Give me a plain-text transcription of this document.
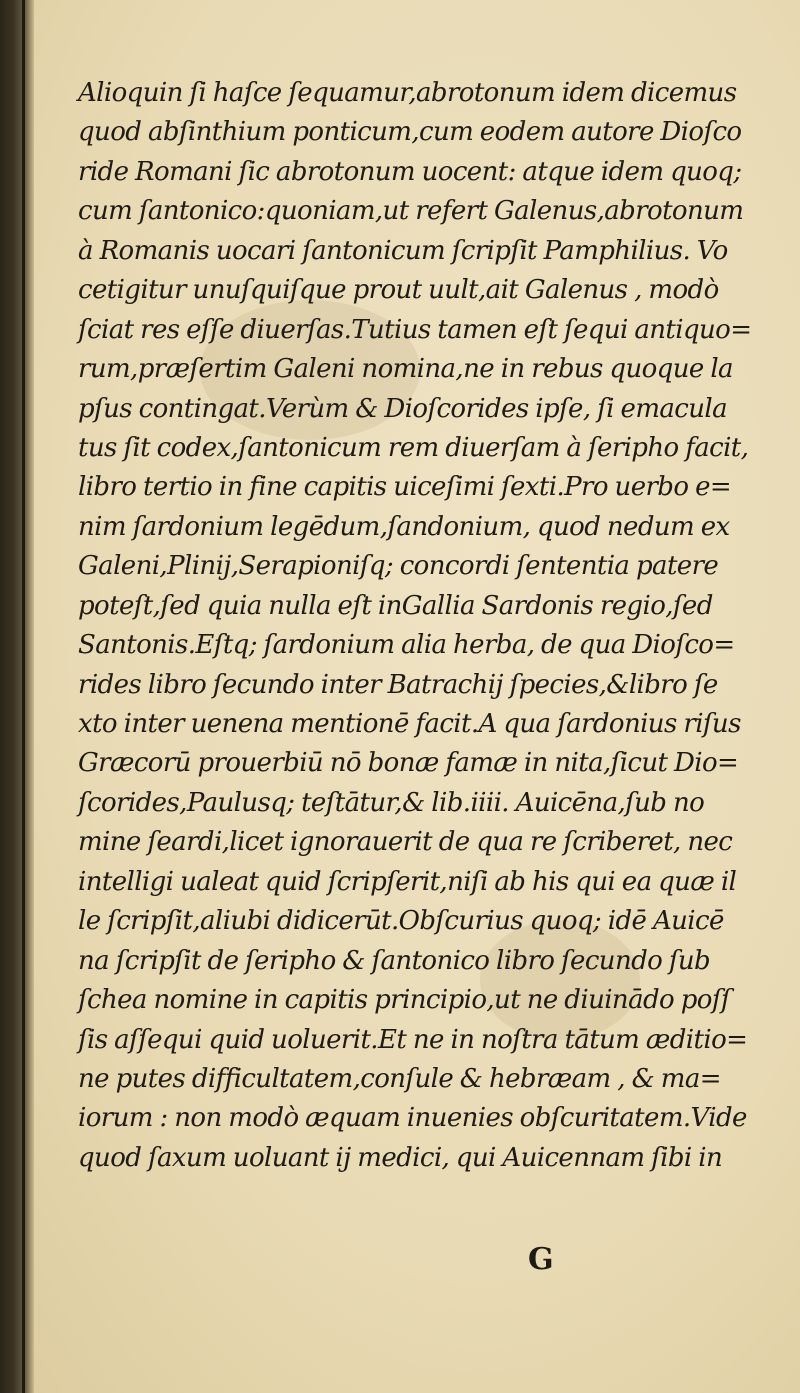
Alioquin ſi haſce ſequamur,abrotonum idem dicemus
quod abſinthium ponticum,cum eodem autore Dioſco
ride Romani ſic abrotonum uocent: atque idem quoq;
cum ſantonico:quoniam,ut refert Galenus,abrotonum
à Romanis uocari ſantonicum ſcripſit Pamphilius. Vo
cetigitur unuſquiſque prout uult,ait Galenus , modò
ſciat res eſſe diuerſas.Tutius tamen eſt ſequi antiquo=
rum,præſertim Galeni nomina,ne in rebus quoque la
pſus contingat.Verùm & Dioſcorides ipſe, ſi emacula
tus ſit codex,ſantonicum rem diuerſam à ſeripho facit,
libro tertio in fine capitis uiceſimi ſexti.Pro uerbo e=
nim ſardonium legēdum,ſandonium, quod nedum ex
Galeni,Plinij,Serapioniſq; concordi ſententia patere
poteſt,ſed quia nulla eſt inGallia Sardonis regio,ſed
Santonis.Eſtq; ſardonium alia herba, de qua Dioſco=
rides libro ſecundo inter Batrachij ſpecies,&libro ſe
xto inter uenena mentionē facit.A qua ſardonius riſus
Græcorū prouerbiū nō bonæ famæ in nita,ſicut Dio=
ſcorides,Paulusq; teſtātur,& lib.iiii. Auicēna,ſub no
mine ſeardi,licet ignorauerit de qua re ſcriberet, nec
intelligi ualeat quid ſcripſerit,niſi ab his qui ea quæ il
le ſcripſit,aliubi didicerūt.Obſcurius quoq; idē Auicē
na ſcripſit de ſeripho & ſantonico libro ſecundo ſub
ſchea nomine in capitis principio,ut ne diuinādo poſſ
ſis aſſequi quid uoluerit.Et ne in noſtra tātum æditio=
ne putes difficultatem,conſule & hebræam , & ma=
iorum : non modò æquam inuenies obſcuritatem.Vide
quod ſaxum uoluant ij medici, qui Auicennam ſibi in
G
